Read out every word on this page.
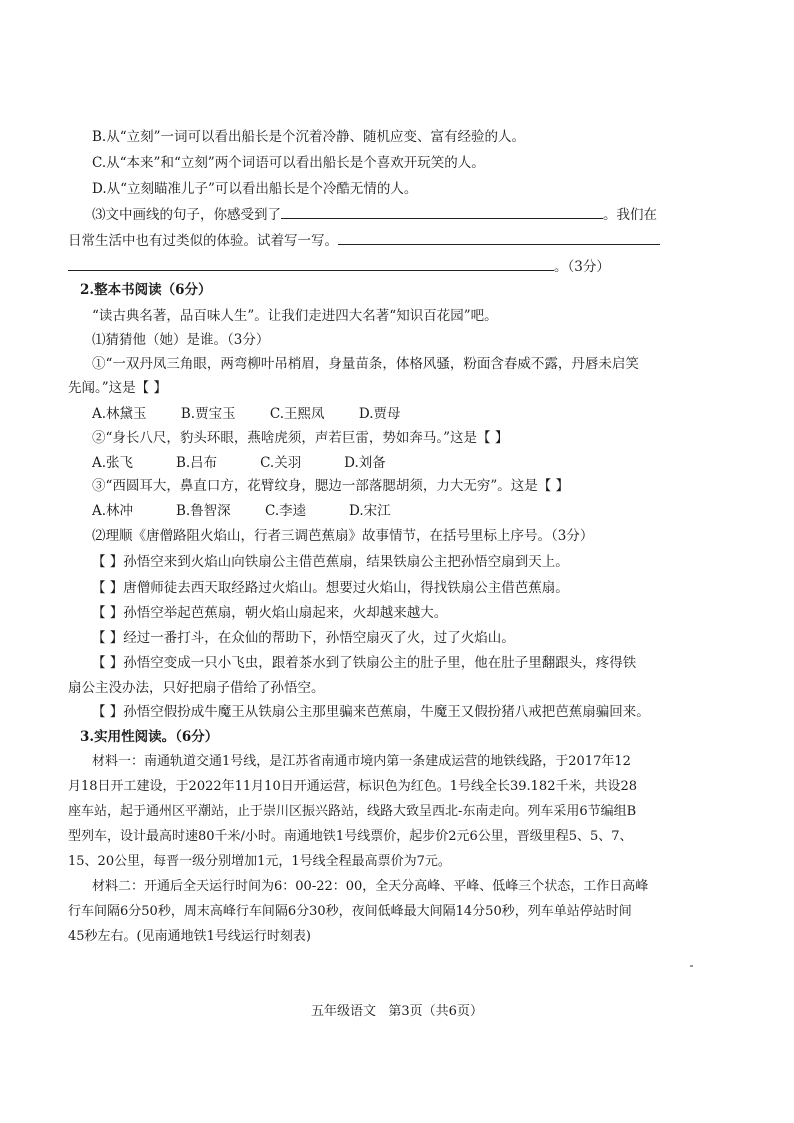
B.从“立刻”一词可以看出船长是个沉着冷静、随机应变、富有经验的人。
C.从“本来”和“立刻”两个词语可以看出船长是个喜欢开玩笑的人。
D.从“立刻瞄准儿子”可以看出船长是个冷酷无情的人。
⑶文中画线的句子，你感受到了	。我们在
日常生活中也有过类似的体验。试着写一写。
。（3分）
2.整本书阅读（6分）
“读古典名著，品百味人生”。让我们走进四大名著“知识百花园”吧。
⑴猜猜他（她）是谁。（3分）
①“一双丹凤三角眼，两弯柳叶吊梢眉，身量苗条，体格风骚，粉面含春威不露，丹唇未启笑
先闻。”这是【 】
A.林黛玉        B.贾宝玉        C.王熙凤        D.贾母
②“身长八尺，豹头环眼，燕啥虎须，声若巨雷，势如奔马。”这是【 】
A.张飞          B.吕布          C.关羽          D.刘备
③“西圆耳大，鼻直口方，花臂纹身，腮边一部落腮胡须，力大无穷”。这是【 】
A.林冲          B.鲁智深        C.李逵          D.宋江
⑵理顺《唐僧路阻火焰山，行者三调芭蕉扇》故事情节，在括号里标上序号。（3分）
【 】孙悟空来到火焰山向铁扇公主借芭蕉扇，结果铁扇公主把孙悟空扇到天上。
【 】唐僧师徒去西天取经路过火焰山。想要过火焰山，得找铁扇公主借芭蕉扇。
【 】孙悟空举起芭蕉扇，朝火焰山扇起来，火却越来越大。
【 】经过一番打斗，在众仙的帮助下，孙悟空扇灭了火，过了火焰山。
【 】孙悟空变成一只小飞虫，跟着茶水到了铁扇公主的肚子里，他在肚子里翻跟头，疼得铁
扇公主没办法，只好把扇子借给了孙悟空。
【 】孙悟空假扮成牛魔王从铁扇公主那里骗来芭蕉扇，牛魔王又假扮猪八戒把芭蕉扇骗回来。
3.实用性阅读。（6分）
材料一：南通轨道交通1号线，是江苏省南通市境内第一条建成运营的地铁线路，于2017年12
月18日开工建设，于2022年11月10日开通运营，标识色为红色。1号线全长39.182千米，共设28
座车站，起于通州区平潮站，止于崇川区振兴路站，线路大致呈西北-东南走向。列车采用6节编组B
型列车，设计最高时速80千米/小时。南通地铁1号线票价，起步价2元6公里，晋级里程5、5、7、
15、20公里，每晋一级分别增加1元，1号线全程最高票价为7元。
材料二：开通后全天运行时间为6：00-22：00，全天分高峰、平峰、低峰三个状态，工作日高峰
行车间隔6分50秒，周末高峰行车间隔6分30秒，夜间低峰最大间隔14分50秒，列车单站停站时间
45秒左右。(见南通地铁1号线运行时刻表)
五年级语文   第3页（共6页）
